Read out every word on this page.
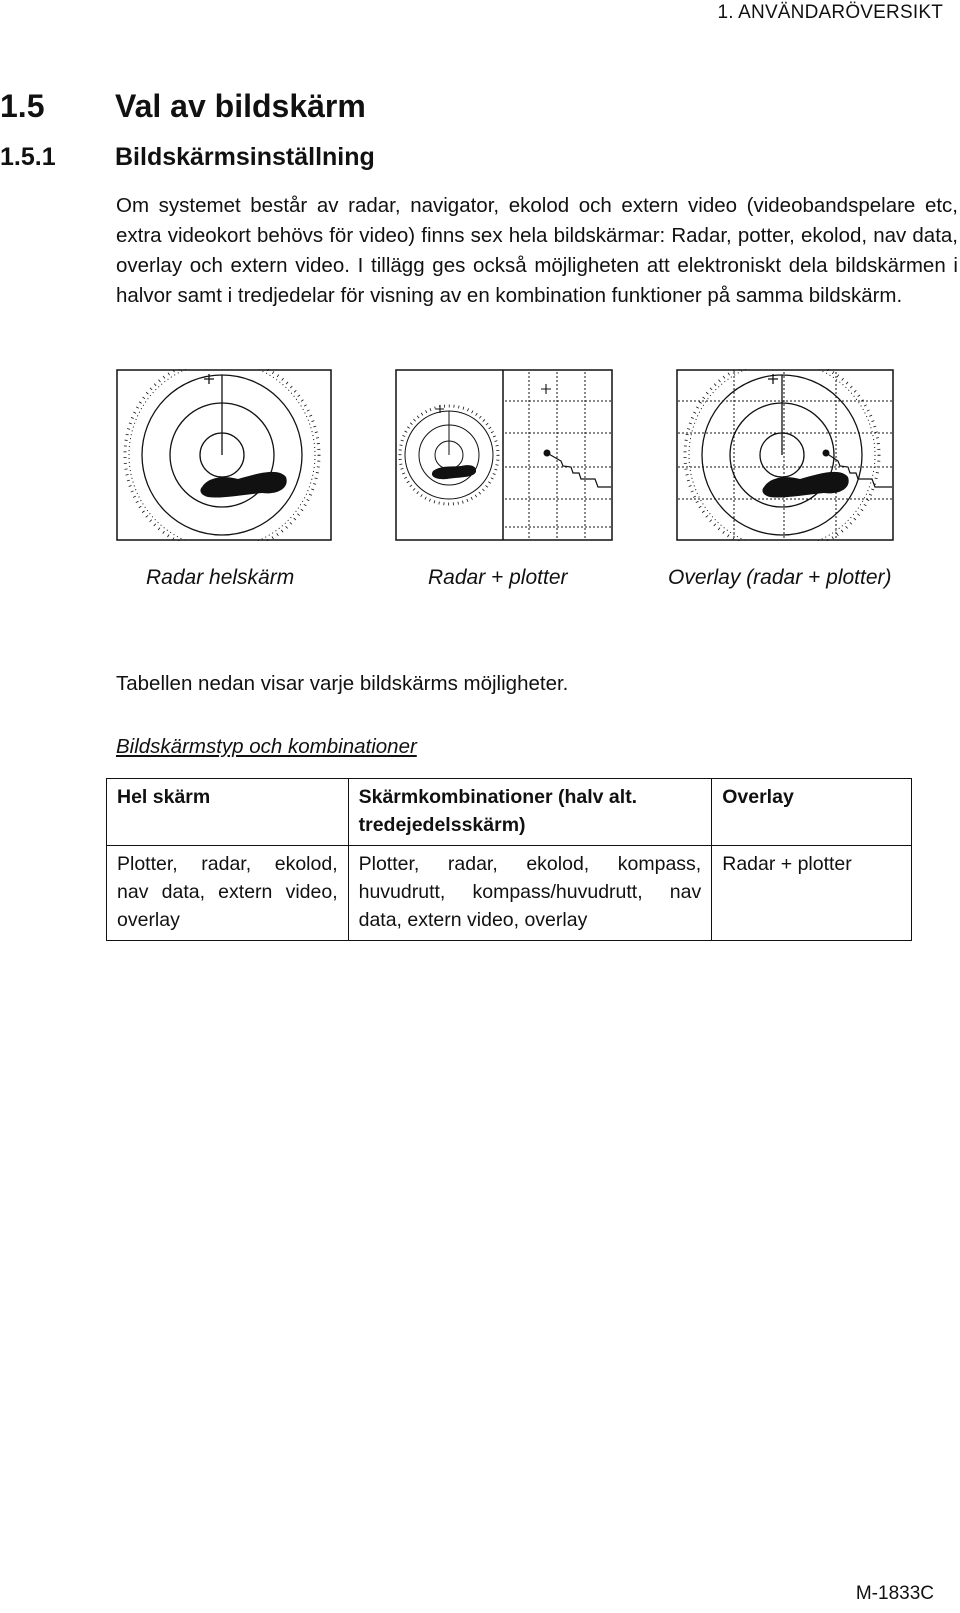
1. ANVÄNDARÖVERSIKT
1.5 Val av bildskärm
1.5.1 Bildskärmsinställning

Om systemet består av radar, navigator, ekolod och extern video (videobandspelare etc, extra videokort behövs för video) finns sex hela bildskärmar: Radar, potter, ekolod, nav data, overlay och extern video. I tillägg ges också möjligheten att elektroniskt dela bildskärmen i halvor samt i tredjedelar för visning av en kombination funktioner på samma bildskärm.

Radar helskärm	Radar + plotter	Overlay (radar + plotter)

Tabellen nedan visar varje bildskärms möjligheter.

Bildskärmstyp och kombinationer

Hel skärm	Skärmkombinationer (halv alt. tredejedelsskärm)	Overlay
Plotter, radar, ekolod, nav data, extern video, overlay	Plotter, radar, ekolod, kompass, huvudrutt, kompass/huvudrutt, nav data, extern video, overlay	Radar + plotter
M-1833C
